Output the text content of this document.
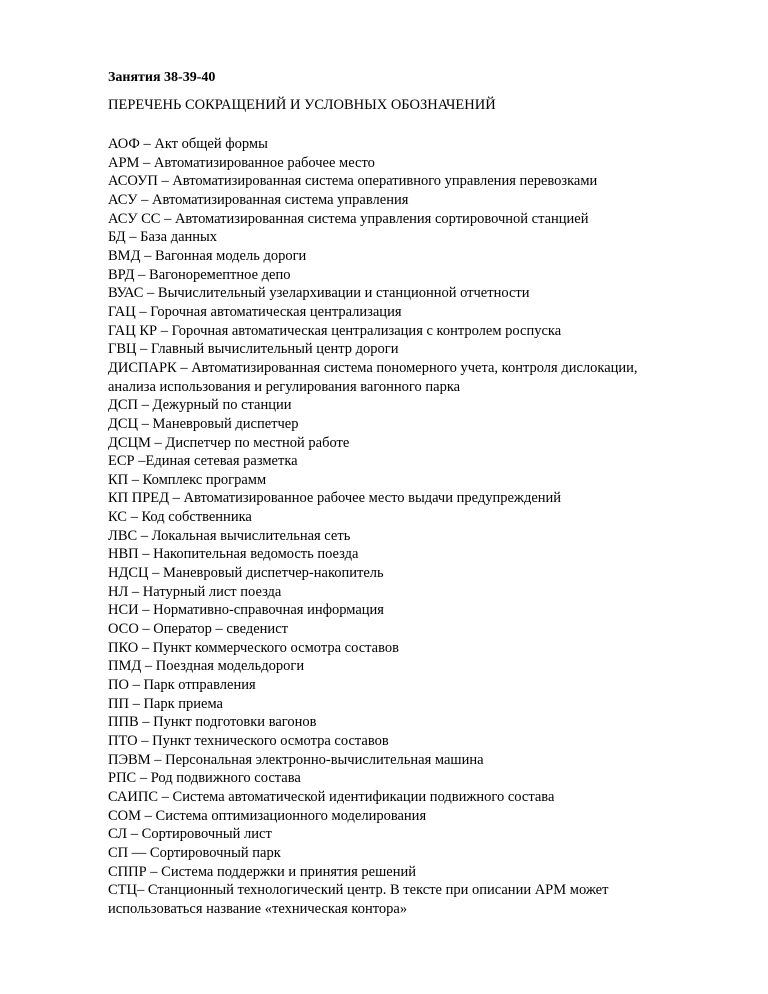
Занятия 38-39-40
ПЕРЕЧЕНЬ СОКРАЩЕНИЙ И УСЛОВНЫХ ОБОЗНАЧЕНИЙ
АОФ – Акт общей формы
АРМ – Автоматизированное рабочее место
АСОУП – Автоматизированная система оперативного управления перевозками
АСУ – Автоматизированная система управления
АСУ СС – Автоматизированная система управления сортировочной станцией
БД – База данных
ВМД – Вагонная модель дороги
ВРД – Вагоноремептное депо
ВУАС – Вычислительный узелархивации и станционной отчетности
ГАЦ – Горочная автоматическая централизация
ГАЦ КР – Горочная автоматическая централизация с контролем роспуска
ГВЦ – Главный вычислительный центр дороги
ДИСПАРК – Автоматизированная система пономерного учета, контроля дислокации,
анализа использования и регулирования вагонного парка
ДСП – Дежурный по станции
ДСЦ – Маневровый диспетчер
ДСЦМ – Диспетчер по местной работе
ЕСР –Единая сетевая разметка
КП – Комплекс программ
КП ПРЕД – Автоматизированное рабочее место выдачи предупреждений
КС – Код собственника
ЛВС – Локальная вычислительная сеть
НВП – Накопительная ведомость поезда
НДСЦ – Маневровый диспетчер-накопитель
НЛ – Натурный лист поезда
НСИ – Нормативно-справочная информация
ОСО – Оператор – сведенист
ПКО – Пункт коммерческого осмотра составов
ПМД – Поездная модельдороги
ПО – Парк отправления
ПП – Парк приема
ППВ – Пункт подготовки вагонов
ПТО – Пункт технического осмотра составов
ПЭВМ – Персональная электронно-вычислительная машина
РПС – Род подвижного состава
САИПС – Система автоматической идентификации подвижного состава
СОМ – Система оптимизационного моделирования
СЛ – Сортировочный лист
СП –– Сортировочный парк
СППР – Система поддержки и принятия решений
СТЦ– Станционный технологический центр. В тексте при описании АРМ может
использоваться название «техническая контора»
